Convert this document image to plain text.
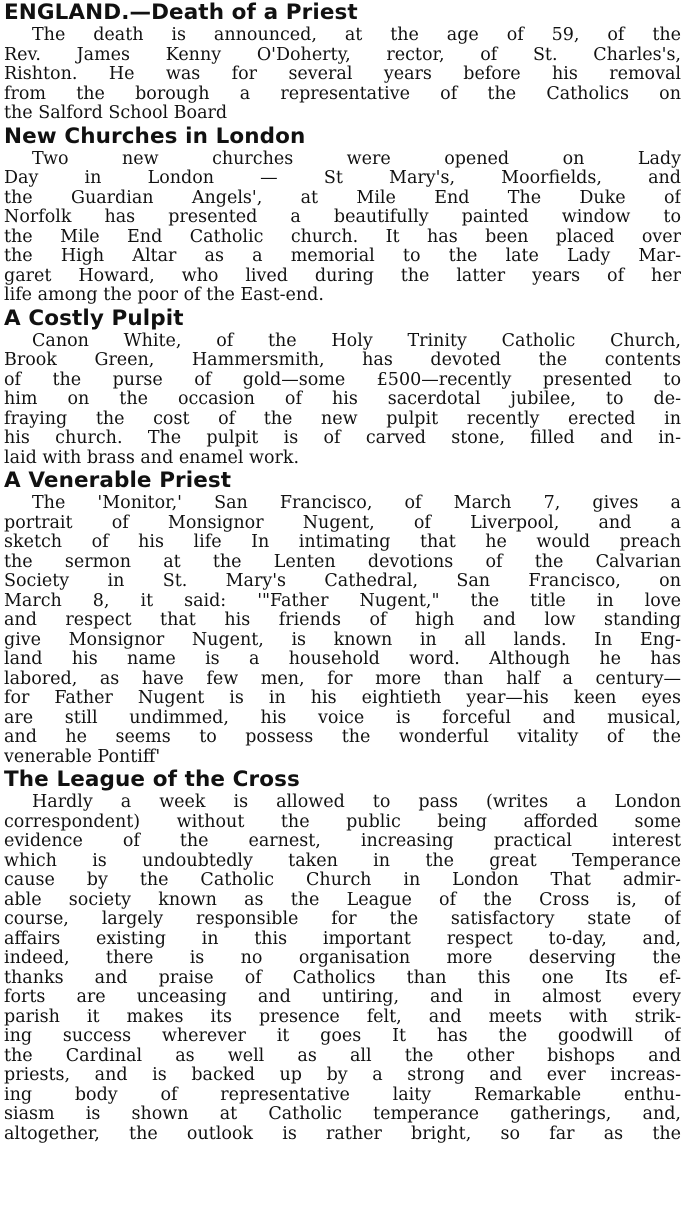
ENGLAND.—Death of a Priest
The death is announced, at the age of 59, of the
Rev. James Kenny O'Doherty, rector, of St. Charles's,
Rishton. He was for several years before his removal
from the borough a representative of the Catholics on
the Salford School Board
New Churches in London
Two new churches were opened on Lady
Day in London — St Mary's, Moorfields, and
the Guardian Angels', at Mile End The Duke of
Norfolk has presented a beautifully painted window to
the Mile End Catholic church. It has been placed over
the High Altar as a memorial to the late Lady Mar-
garet Howard, who lived during the latter years of her
life among the poor of the East-end.
A Costly Pulpit
Canon White, of the Holy Trinity Catholic Church,
Brook Green, Hammersmith, has devoted the contents
of the purse of gold—some £500—recently presented to
him on the occasion of his sacerdotal jubilee, to de-
fraying the cost of the new pulpit recently erected in
his church. The pulpit is of carved stone, filled and in-
laid with brass and enamel work.
A Venerable Priest
The 'Monitor,' San Francisco, of March 7, gives a
portrait of Monsignor Nugent, of Liverpool, and a
sketch of his life In intimating that he would preach
the sermon at the Lenten devotions of the Calvarian
Society in St. Mary's Cathedral, San Francisco, on
March 8, it said: '"Father Nugent," the title in love
and respect that his friends of high and low standing
give Monsignor Nugent, is known in all lands. In Eng-
land his name is a household word. Although he has
labored, as have few men, for more than half a century—
for Father Nugent is in his eightieth year—his keen eyes
are still undimmed, his voice is forceful and musical,
and he seems to possess the wonderful vitality of the
venerable Pontiff'
The League of the Cross
Hardly a week is allowed to pass (writes a London
correspondent) without the public being afforded some
evidence of the earnest, increasing practical interest
which is undoubtedly taken in the great Temperance
cause by the Catholic Church in London That admir-
able society known as the League of the Cross is, of
course, largely responsible for the satisfactory state of
affairs existing in this important respect to-day, and,
indeed, there is no organisation more deserving the
thanks and praise of Catholics than this one Its ef-
forts are unceasing and untiring, and in almost every
parish it makes its presence felt, and meets with strik-
ing success wherever it goes It has the goodwill of
the Cardinal as well as all the other bishops and
priests, and is backed up by a strong and ever increas-
ing body of representative laity Remarkable enthu-
siasm is shown at Catholic temperance gatherings, and,
altogether, the outlook is rather bright, so far as the
